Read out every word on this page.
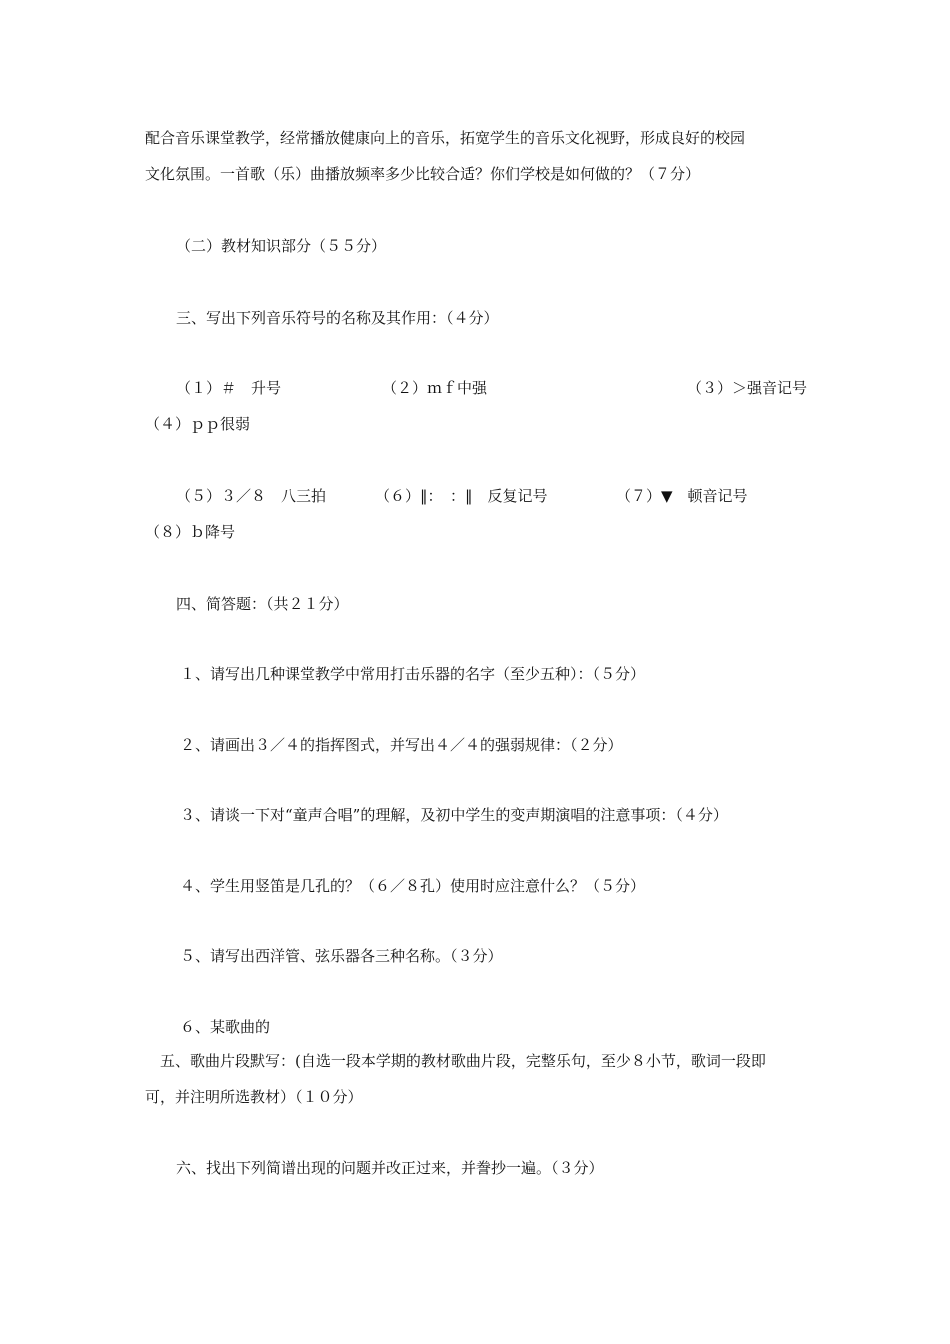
配合音乐课堂教学，经常播放健康向上的音乐，拓宽学生的音乐文化视野，形成良好的校园
文化氛围。一首歌（乐）曲播放频率多少比较合适？你们学校是如何做的？（７分）
（二）教材知识部分（５５分）
三、写出下列音乐符号的名称及其作用：（４分）
（１）＃　升号	（２）ｍｆ中强	（３）＞强音记号
（４）ｐｐ很弱
（５）３／８　八三拍	（６）‖：　：‖　反复记号	（７）▼　顿音记号
（８）ｂ降号
四、简答题：（共２１分）
１、请写出几种课堂教学中常用打击乐器的名字（至少五种）：（５分）
２、请画出３／４的指挥图式，并写出４／４的强弱规律：（２分）
３、请谈一下对“童声合唱”的理解，及初中学生的变声期演唱的注意事项：（４分）
４、学生用竖笛是几孔的？（６／８孔）使用时应注意什么？（５分）
５、请写出西洋管、弦乐器各三种名称。（３分）
６、某歌曲的
五、歌曲片段默写：(自选一段本学期的教材歌曲片段，完整乐句，至少８小节，歌词一段即
可，并注明所选教材）（１０分）
六、找出下列简谱出现的问题并改正过来，并誊抄一遍。（３分）
